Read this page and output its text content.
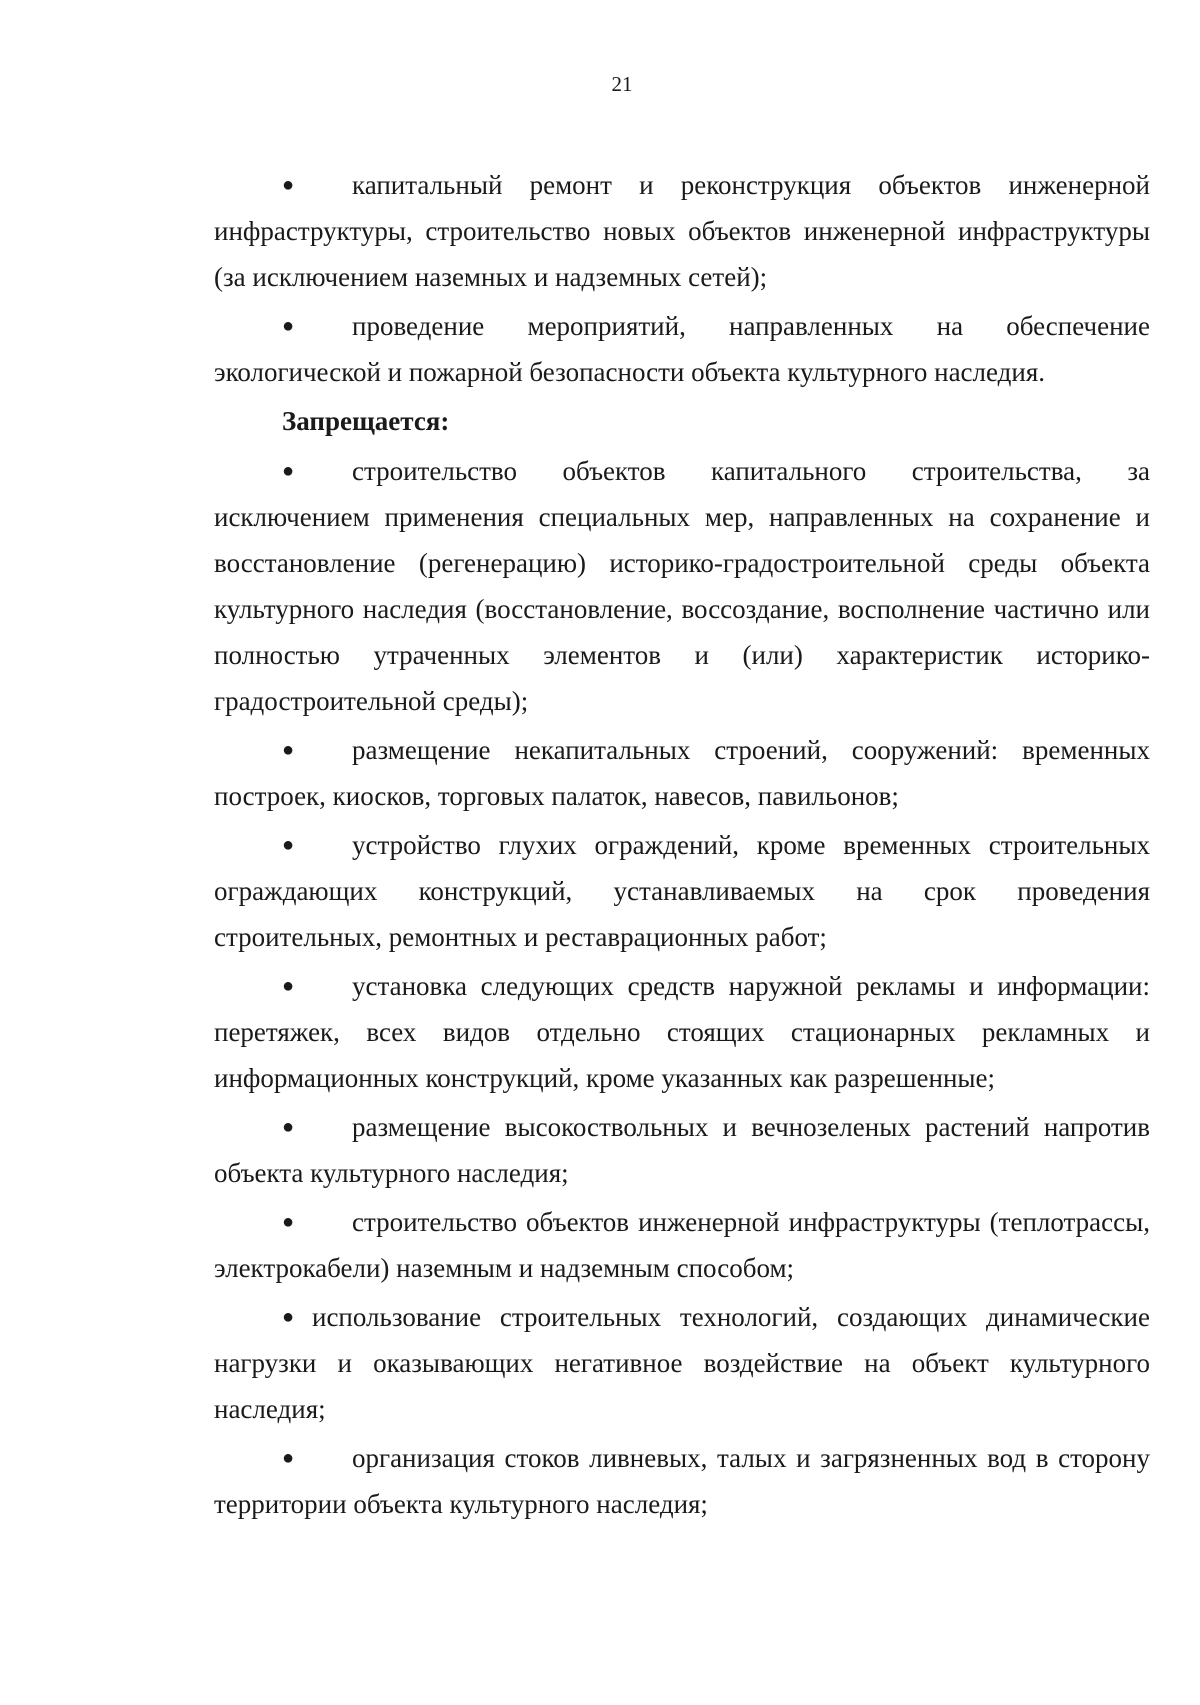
21
● капитальный ремонт и реконструкция объектов инженерной инфраструктуры, строительство новых объектов инженерной инфраструктуры (за исключением наземных и надземных сетей);
● проведение мероприятий, направленных на обеспечение экологической и пожарной безопасности объекта культурного наследия.
Запрещается:
● строительство объектов капитального строительства, за исключением применения специальных мер, направленных на сохранение и восстановление (регенерацию) историко-градостроительной среды объекта культурного наследия (восстановление, воссоздание, восполнение частично или полностью утраченных элементов и (или) характеристик историко-градостроительной среды);
● размещение некапитальных строений, сооружений: временных построек, киосков, торговых палаток, навесов, павильонов;
● устройство глухих ограждений, кроме временных строительных ограждающих конструкций, устанавливаемых на срок проведения строительных, ремонтных и реставрационных работ;
● установка следующих средств наружной рекламы и информации: перетяжек, всех видов отдельно стоящих стационарных рекламных и информационных конструкций, кроме указанных как разрешенные;
● размещение высокоствольных и вечнозеленых растений напротив объекта культурного наследия;
● строительство объектов инженерной инфраструктуры (теплотрассы, электрокабели) наземным и надземным способом;
● использование строительных технологий, создающих динамические нагрузки и оказывающих негативное воздействие на объект культурного наследия;
● организация стоков ливневых, талых и загрязненных вод в сторону территории объекта культурного наследия;
